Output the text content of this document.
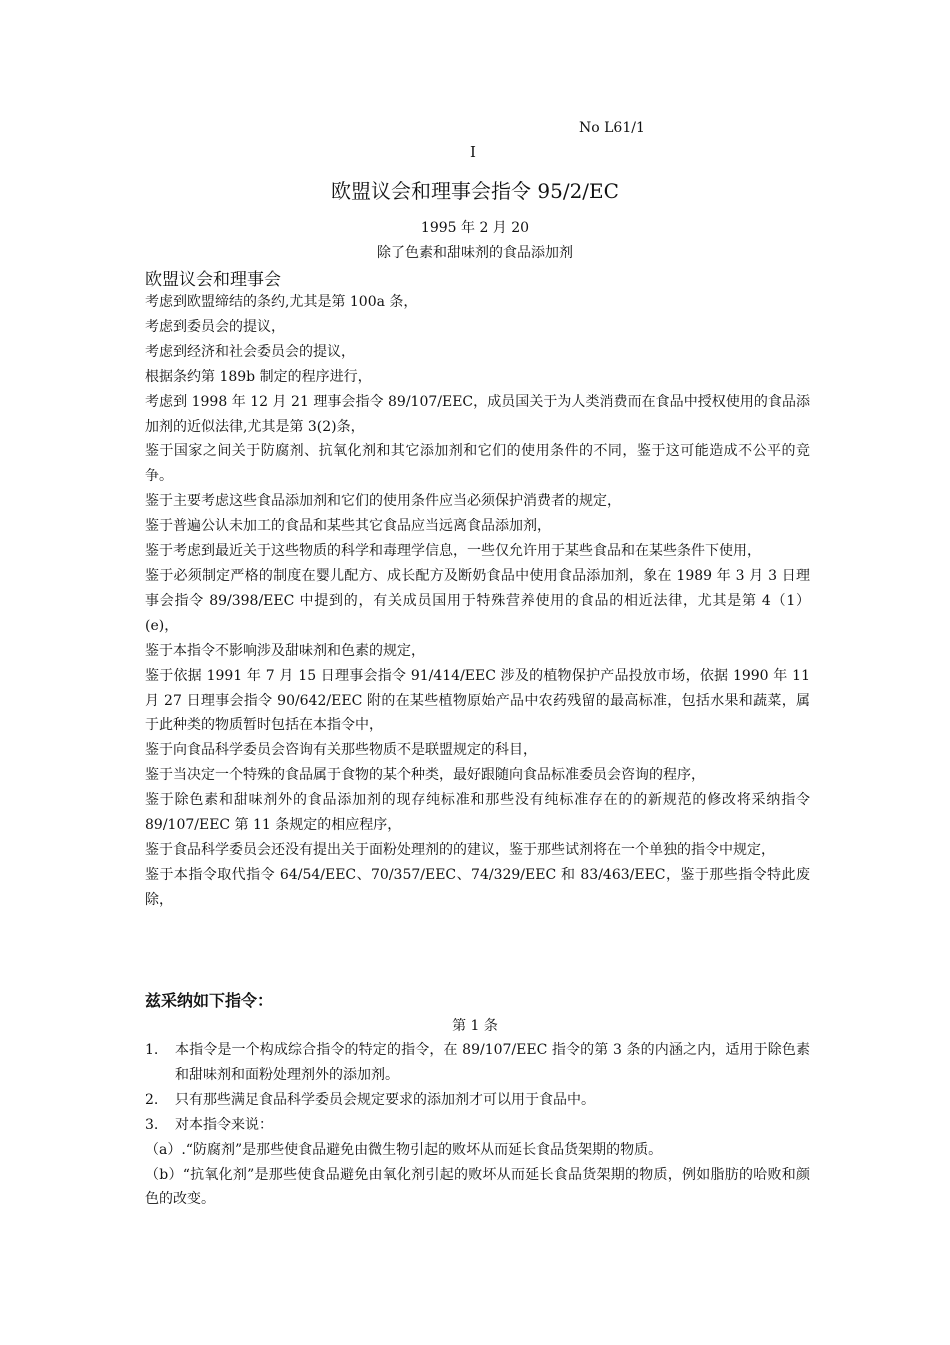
No L61/1
I
欧盟议会和理事会指令 95/2/EC
1995 年 2 月 20
除了色素和甜味剂的食品添加剂
欧盟议会和理事会

考虑到欧盟缔结的条约,尤其是第 100a 条，

考虑到委员会的提议，

考虑到经济和社会委员会的提议，

根据条约第 189b 制定的程序进行，

考虑到 1998 年 12 月 21 理事会指令 89/107/EEC，成员国关于为人类消费而在食品中授权使用的食品添加剂的近似法律,尤其是第 3(2)条，

鉴于国家之间关于防腐剂、抗氧化剂和其它添加剂和它们的使用条件的不同，鉴于这可能造成不公平的竞争。

鉴于主要考虑这些食品添加剂和它们的使用条件应当必须保护消费者的规定，

鉴于普遍公认未加工的食品和某些其它食品应当远离食品添加剂，

鉴于考虑到最近关于这些物质的科学和毒理学信息，一些仅允许用于某些食品和在某些条件下使用，

鉴于必须制定严格的制度在婴儿配方、成长配方及断奶食品中使用食品添加剂，象在 1989 年 3 月 3 日理事会指令 89/398/EEC 中提到的，有关成员国用于特殊营养使用的食品的相近法律，尤其是第 4（1）(e)，

鉴于本指令不影响涉及甜味剂和色素的规定，

鉴于依据 1991 年 7 月 15 日理事会指令 91/414/EEC 涉及的植物保护产品投放市场，依据 1990 年 11 月 27 日理事会指令 90/642/EEC 附的在某些植物原始产品中农药残留的最高标准，包括水果和蔬菜，属于此种类的物质暂时包括在本指令中，

鉴于向食品科学委员会咨询有关那些物质不是联盟规定的科目，

鉴于当决定一个特殊的食品属于食物的某个种类，最好跟随向食品标准委员会咨询的程序，

鉴于除色素和甜味剂外的食品添加剂的现存纯标准和那些没有纯标准存在的的新规范的修改将采纳指令 89/107/EEC 第 11 条规定的相应程序，

鉴于食品科学委员会还没有提出关于面粉处理剂的的建议，鉴于那些试剂将在一个单独的指令中规定，

鉴于本指令取代指令 64/54/EEC、70/357/EEC、74/329/EEC 和 83/463/EEC，鉴于那些指令特此废除，

兹采纳如下指令：
第 1 条
1.	本指令是一个构成综合指令的特定的指令，在 89/107/EEC 指令的第 3 条的内涵之内，适用于除色素和甜味剂和面粉处理剂外的添加剂。
2.	只有那些满足食品科学委员会规定要求的添加剂才可以用于食品中。
3.	对本指令来说：

（a）.“防腐剂”是那些使食品避免由微生物引起的败坏从而延长食品货架期的物质。

（b）“抗氧化剂”是那些使食品避免由氧化剂引起的败坏从而延长食品货架期的物质，例如脂肪的哈败和颜色的改变。
